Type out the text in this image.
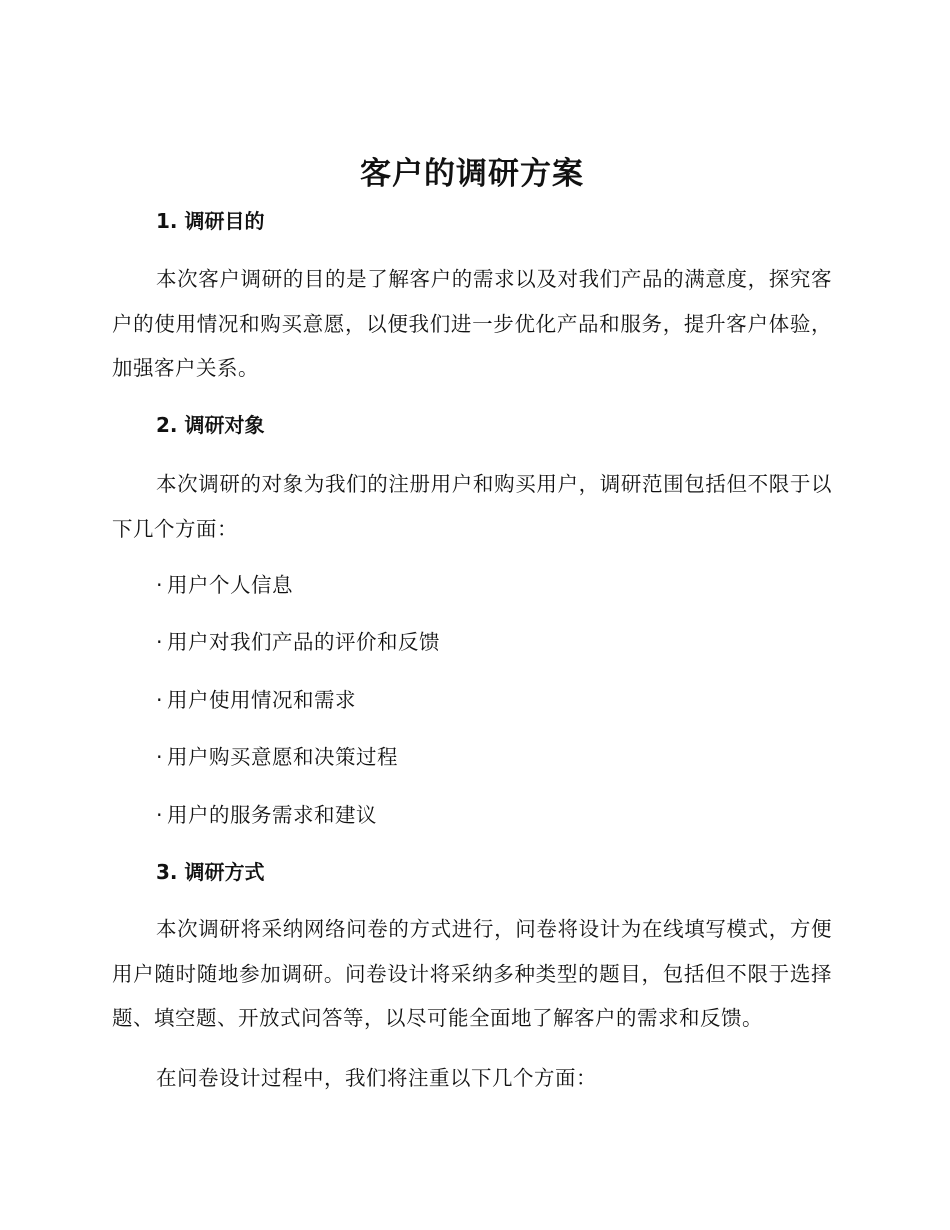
客户的调研方案
1. 调研目的
本次客户调研的目的是了解客户的需求以及对我们产品的满意度，探究客户的使用情况和购买意愿，以便我们进一步优化产品和服务，提升客户体验，加强客户关系。
2. 调研对象
本次调研的对象为我们的注册用户和购买用户，调研范围包括但不限于以下几个方面：
· 用户个人信息
· 用户对我们产品的评价和反馈
· 用户使用情况和需求
· 用户购买意愿和决策过程
· 用户的服务需求和建议
3. 调研方式
本次调研将采纳网络问卷的方式进行，问卷将设计为在线填写模式，方便用户随时随地参加调研。问卷设计将采纳多种类型的题目，包括但不限于选择题、填空题、开放式问答等，以尽可能全面地了解客户的需求和反馈。
在问卷设计过程中，我们将注重以下几个方面：
